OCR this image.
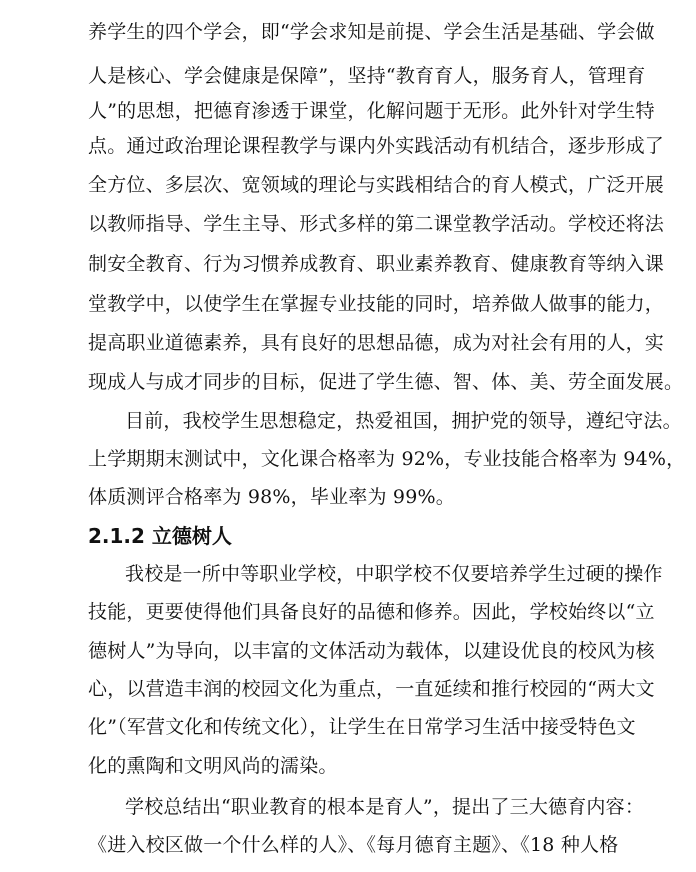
养学生的四个学会，即“学会求知是前提、学会生活是基础、学会做
人是核心、学会健康是保障”，坚持“教育育人，服务育人，管理育
人”的思想，把德育渗透于课堂，化解问题于无形。此外针对学生特
点。通过政治理论课程教学与课内外实践活动有机结合，逐步形成了
全方位、多层次、宽领域的理论与实践相结合的育人模式，广泛开展
以教师指导、学生主导、形式多样的第二课堂教学活动。学校还将法
制安全教育、行为习惯养成教育、职业素养教育、健康教育等纳入课
堂教学中，以使学生在掌握专业技能的同时，培养做人做事的能力，
提高职业道德素养，具有良好的思想品德，成为对社会有用的人，实
现成人与成才同步的目标，促进了学生德、智、体、美、劳全面发展。
目前，我校学生思想稳定，热爱祖国，拥护党的领导，遵纪守法。
上学期期末测试中，文化课合格率为 92%，专业技能合格率为 94%，
体质测评合格率为 98%，毕业率为 99%。
2.1.2 立德树人
我校是一所中等职业学校，中职学校不仅要培养学生过硬的操作
技能，更要使得他们具备良好的品德和修养。因此，学校始终以“立
德树人”为导向，以丰富的文体活动为载体，以建设优良的校风为核
心，以营造丰润的校园文化为重点，一直延续和推行校园的“两大文
化”（军营文化和传统文化），让学生在日常学习生活中接受特色文
化的熏陶和文明风尚的濡染。
学校总结出“职业教育的根本是育人”，提出了三大德育内容：
《进入校区做一个什么样的人》、《每月德育主题》、《18 种人格
